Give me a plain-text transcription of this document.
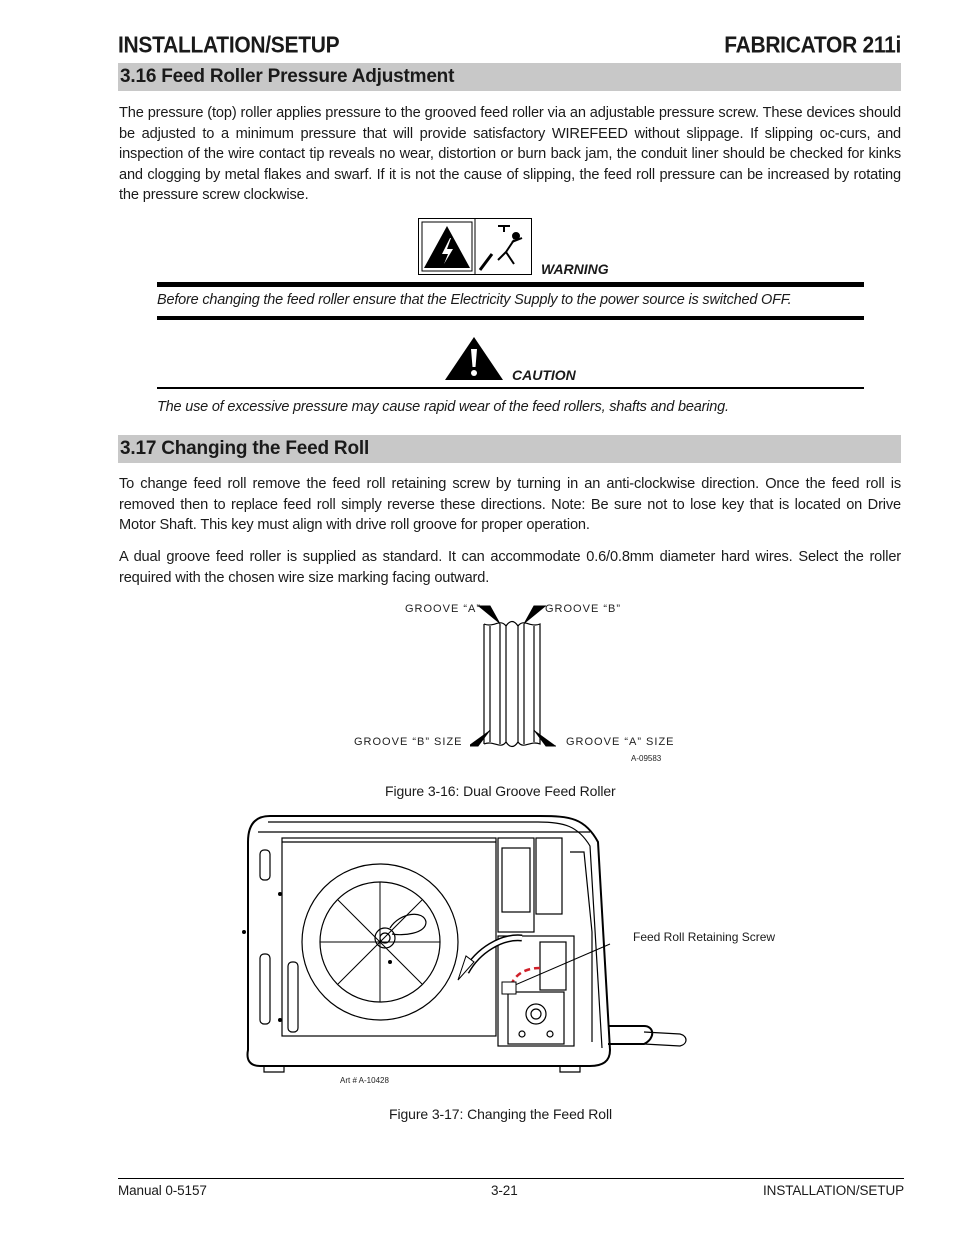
INSTALLATION/SETUP	FABRICATOR 211i
3.16 Feed Roller Pressure Adjustment
The pressure (top) roller applies pressure to the grooved feed roller via an adjustable pressure screw. These devices should be adjusted to a minimum pressure that will provide satisfactory WIREFEED without slippage. If slipping oc-curs, and inspection of the wire contact tip reveals no wear, distortion or burn back jam, the conduit liner should be checked for kinks and clogging by metal flakes and swarf. If it is not the cause of slipping, the feed roll pressure can be increased by rotating the pressure screw clockwise.
WARNING
Before changing the feed roller ensure that the Electricity Supply to the power source is switched OFF.
CAUTION
The use of excessive pressure may cause rapid wear of the feed rollers, shafts and bearing.
3.17 Changing the Feed Roll
To change feed roll remove the feed roll retaining screw by turning in an anti-clockwise direction. Once the feed roll is removed then to replace feed roll simply reverse these directions. Note: Be sure not to lose key that is located on Drive Motor Shaft. This key must align with drive roll groove for proper operation.
A dual groove feed roller is supplied as standard. It can accommodate 0.6/0.8mm diameter hard wires. Select the roller required with the chosen wire size marking facing outward.
GROOVE “A”	GROOVE “B”
GROOVE “B” SIZE	GROOVE “A” SIZE
A-09583
Figure 3-16: Dual Groove Feed Roller
Feed Roll Retaining Screw
Art # A-10428
Figure 3-17: Changing the Feed Roll
Manual 0-5157	3-21	INSTALLATION/SETUP
